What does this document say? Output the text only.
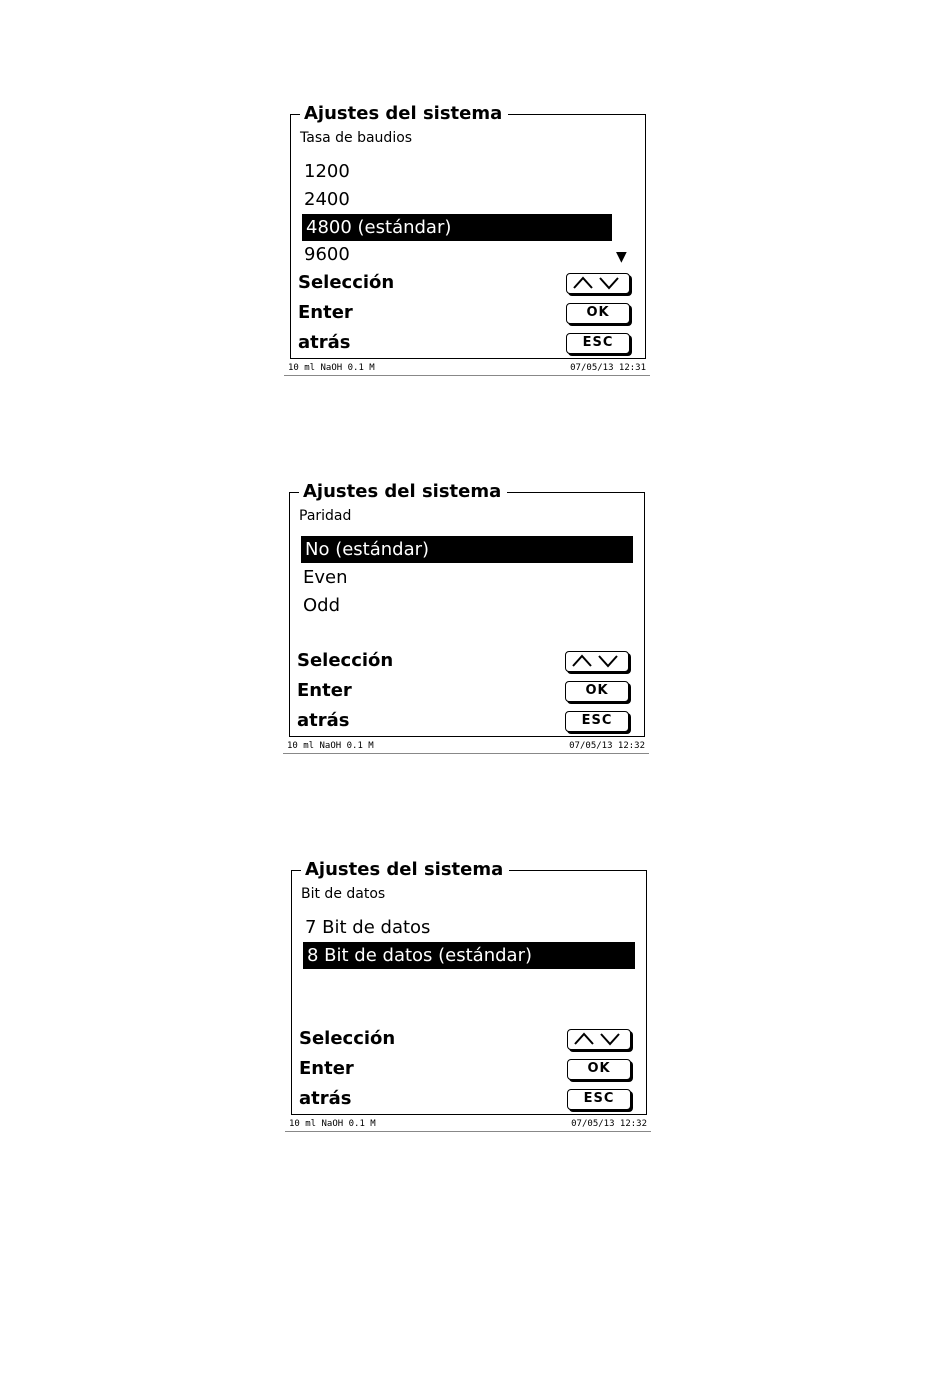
Ajustes del sistema
Tasa de baudios
1200
2400
4800 (estándar)
9600	▼
Selección
Enter	OK
atrás	ESC
10 ml NaOH 0.1 M	07/05/13 12:31
Ajustes del sistema
Paridad
No (estándar)
Even
Odd
Selección
Enter	OK
atrás	ESC
10 ml NaOH 0.1 M	07/05/13 12:32
Ajustes del sistema
Bit de datos
7 Bit de datos
8 Bit de datos (estándar)
Selección
Enter	OK
atrás	ESC
10 ml NaOH 0.1 M	07/05/13 12:32
